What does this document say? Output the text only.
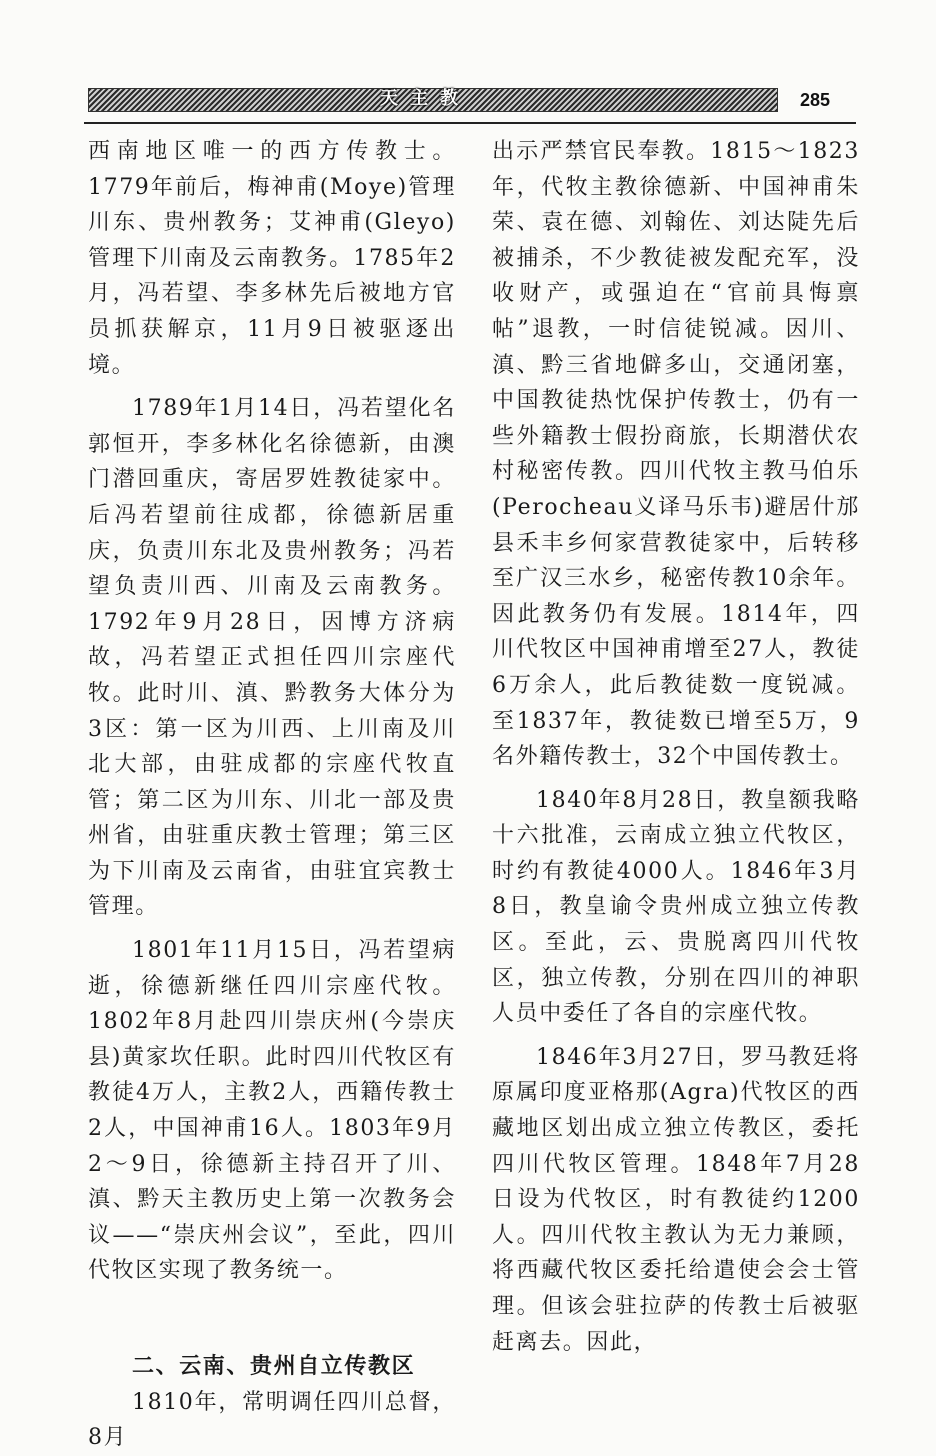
天主教	285

西南地区唯一的西方传教士。1779年前后，梅神甫(Moye)管理川东、贵州教务；艾神甫(Gleyo)管理下川南及云南教务。1785年2月，冯若望、李多林先后被地方官员抓获解京，11月9日被驱逐出境。

1789年1月14日，冯若望化名郭恒开，李多林化名徐德新，由澳门潜回重庆，寄居罗姓教徒家中。后冯若望前往成都，徐德新居重庆，负责川东北及贵州教务；冯若望负责川西、川南及云南教务。1792年9月28日，因博方济病故，冯若望正式担任四川宗座代牧。此时川、滇、黔教务大体分为3区：第一区为川西、上川南及川北大部，由驻成都的宗座代牧直管；第二区为川东、川北一部及贵州省，由驻重庆教士管理；第三区为下川南及云南省，由驻宜宾教士管理。

1801年11月15日，冯若望病逝，徐德新继任四川宗座代牧。1802年8月赴四川崇庆州(今崇庆县)黄家坎任职。此时四川代牧区有教徒4万人，主教2人，西籍传教士2人，中国神甫16人。1803年9月2～9日，徐德新主持召开了川、滇、黔天主教历史上第一次教务会议——“崇庆州会议”，至此，四川代牧区实现了教务统一。

二、云南、贵州自立传教区

1810年，常明调任四川总督，8月

出示严禁官民奉教。1815～1823年，代牧主教徐德新、中国神甫朱荣、袁在德、刘翰佐、刘达陡先后被捕杀，不少教徒被发配充军，没收财产，或强迫在“官前具悔禀帖”退教，一时信徒锐减。因川、滇、黔三省地僻多山，交通闭塞，中国教徒热忱保护传教士，仍有一些外籍教士假扮商旅，长期潜伏农村秘密传教。四川代牧主教马伯乐(Perocheau义译马乐韦)避居什邡县禾丰乡何家营教徒家中，后转移至广汉三水乡，秘密传教10余年。因此教务仍有发展。1814年，四川代牧区中国神甫增至27人，教徒6万余人，此后教徒数一度锐减。至1837年，教徒数已增至5万，9名外籍传教士，32个中国传教士。

1840年8月28日，教皇额我略十六批准，云南成立独立代牧区，时约有教徒4000人。1846年3月8日，教皇谕令贵州成立独立传教区。至此，云、贵脱离四川代牧区，独立传教，分别在四川的神职人员中委任了各自的宗座代牧。

1846年3月27日，罗马教廷将原属印度亚格那(Agra)代牧区的西藏地区划出成立独立传教区，委托四川代牧区管理。1848年7月28日设为代牧区，时有教徒约1200人。四川代牧主教认为无力兼顾，将西藏代牧区委托给遣使会会士管理。但该会驻拉萨的传教士后被驱赶离去。因此，
